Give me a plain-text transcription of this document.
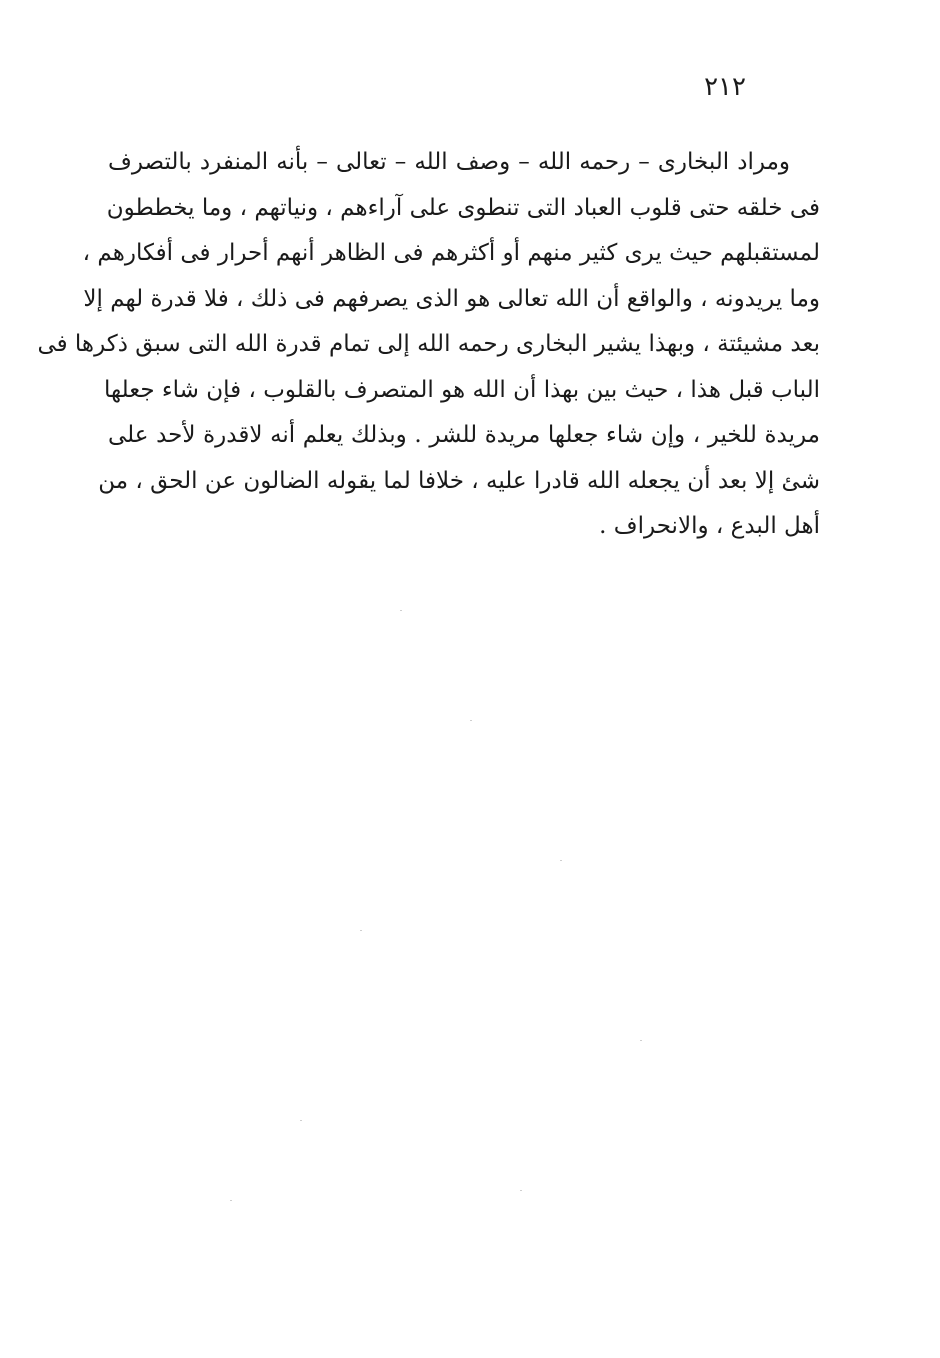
٢١٢
ومراد البخارى – رحمه الله – وصف الله – تعالى – بأنه المنفرد بالتصرف
فى خلقه حتى قلوب العباد التى تنطوى على آراءهم ، ونياتهم ، وما يخططون
لمستقبلهم حيث يرى كثير منهم أو أكثرهم فى الظاهر أنهم أحرار فى أفكارهم ،
وما يريدونه ، والواقع أن الله تعالى هو الذى يصرفهم فى ذلك ، فلا قدرة لهم إلا
بعد مشيئتة ، وبهذا يشير البخارى رحمه الله إلى تمام قدرة الله التى سبق ذكرها فى
الباب قبل هذا ، حيث بين بهذا أن الله هو المتصرف بالقلوب ، فإن شاء جعلها
مريدة للخير ، وإن شاء جعلها مريدة للشر . وبذلك يعلم أنه لاقدرة لأحد على
شئ إلا بعد أن يجعله الله قادرا عليه ، خلافا لما يقوله الضالون عن الحق ، من
أهل البدع ، والانحراف .
